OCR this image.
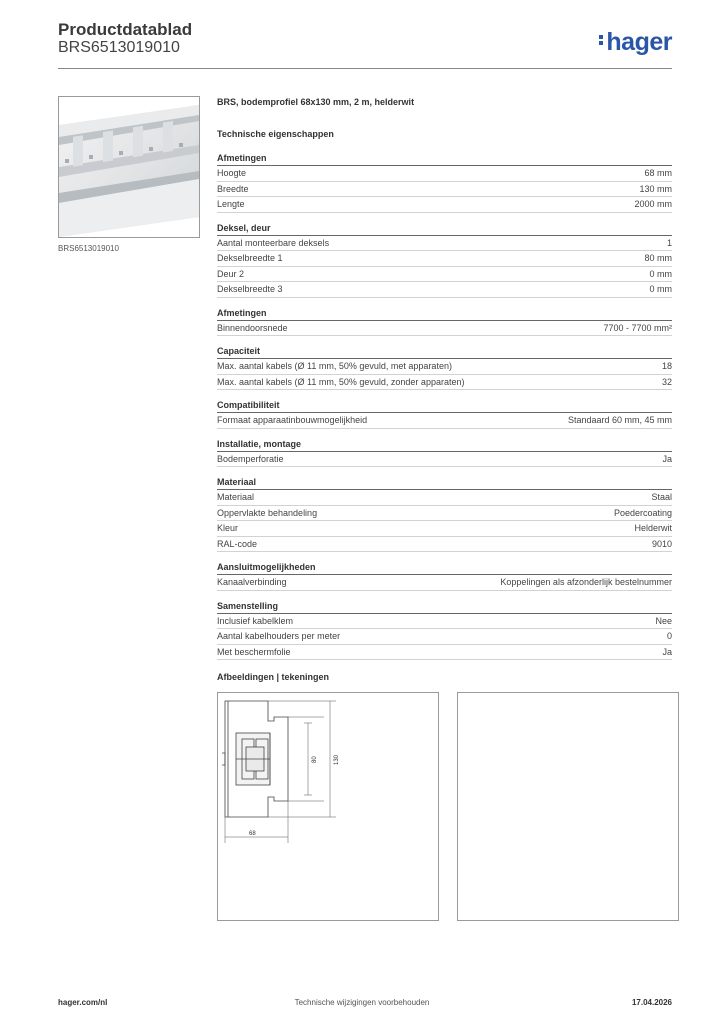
Productdatablad
BRS6513019010	hager
BRS6513019010
BRS, bodemprofiel 68x130 mm, 2 m, helderwit
Technische eigenschappen
Afmetingen
Hoogte	68 mm
Breedte	130 mm
Lengte	2000 mm
Deksel, deur
Aantal monteerbare deksels	1
Dekselbreedte 1	80 mm
Deur 2	0 mm
Dekselbreedte 3	0 mm
Afmetingen
Binnendoorsnede	7700 - 7700 mm²
Capaciteit
Max. aantal kabels (Ø 11 mm, 50% gevuld, met apparaten)	18
Max. aantal kabels (Ø 11 mm, 50% gevuld, zonder apparaten)	32
Compatibiliteit
Formaat apparaatinbouwmogelijkheid	Standaard 60 mm, 45 mm
Installatie, montage
Bodemperforatie	Ja
Materiaal
Materiaal	Staal
Oppervlakte behandeling	Poedercoating
Kleur	Helderwit
RAL-code	9010
Aansluitmogelijkheden
Kanaalverbinding	Koppelingen als afzonderlijk bestelnummer
Samenstelling
Inclusief kabelklem	Nee
Aantal kabelhouders per meter	0
Met beschermfolie	Ja
Afbeeldingen | tekeningen
68
80	130
hager.com/nl	Technische wijzigingen voorbehouden	17.04.2026
